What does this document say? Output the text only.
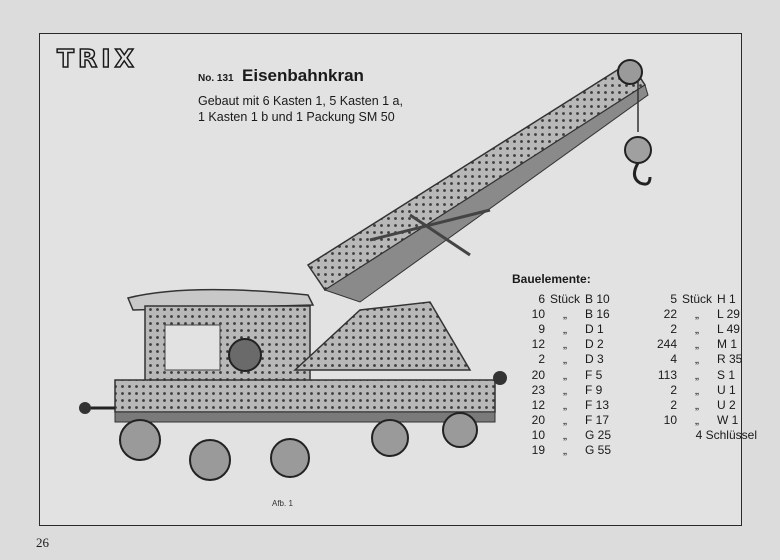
TRIX
No. 131 Eisenbahnkran
Gebaut mit 6 Kasten 1, 5 Kasten 1 a,
1 Kasten 1 b und 1 Packung SM 50
Bauelemente:
6	Stück	B 10	5	Stück	H 1
10	„	B 16	22	„	L 29
9	„	D 1	2	„	L 49
12	„	D 2	244	„	M 1
2	„	D 3	4	„	R 35
20	„	F 5	113	„	S 1
23	„	F 9	2	„	U 1
12	„	F 13	2	„	U 2
20	„	F 17	10	„	W 1
10	„	G 25	4 Schlüssel		
19	„	G 55			
Afb. 1
26
